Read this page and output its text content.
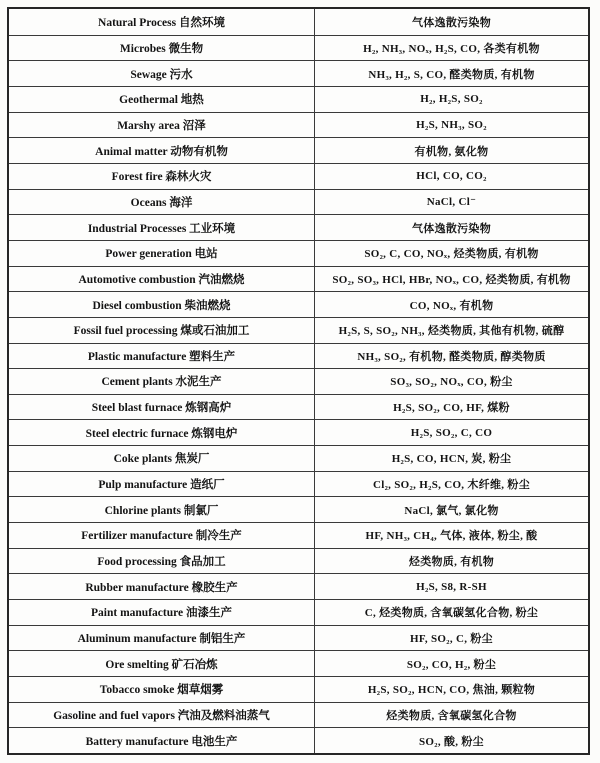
Natural Process 自然环境	气体逸散污染物
Microbes 微生物	H₂, NH₃, NOₓ, H₂S, CO, 各类有机物
Sewage 污水	NH₃, H₂, S, CO, 醛类物质, 有机物
Geothermal 地热	H₂, H₂S, SO₂
Marshy area 沼泽	H₂S, NH₃, SO₂
Animal matter 动物有机物	有机物, 氨化物
Forest fire 森林火灾	HCl, CO, CO₂
Oceans 海洋	NaCl, Cl⁻
Industrial Processes 工业环境	气体逸散污染物
Power generation 电站	SO₂, C, CO, NOₓ, 烃类物质, 有机物
Automotive combustion 汽油燃烧	SO₂, SO₃, HCl, HBr, NOₓ, CO, 烃类物质, 有机物
Diesel combustion 柴油燃烧	CO, NOₓ, 有机物
Fossil fuel processing 煤或石油加工	H₂S, S, SO₂, NH₃, 烃类物质, 其他有机物, 硫醇
Plastic manufacture 塑料生产	NH₃, SO₂, 有机物, 醛类物质, 醇类物质
Cement plants 水泥生产	SO₃, SO₂, NOₓ, CO, 粉尘
Steel blast furnace 炼钢高炉	H₂S, SO₂, CO, HF, 煤粉
Steel electric furnace 炼钢电炉	H₂S, SO₂, C, CO
Coke plants 焦炭厂	H₂S, CO, HCN, 炭, 粉尘
Pulp manufacture 造纸厂	Cl₂, SO₂, H₂S, CO, 木纤维, 粉尘
Chlorine plants 制氯厂	NaCl, 氯气, 氯化物
Fertilizer manufacture 制冷生产	HF, NH₃, CH₄, 气体, 液体, 粉尘, 酸
Food processing 食品加工	烃类物质, 有机物
Rubber manufacture 橡胶生产	H₂S, S8, R-SH
Paint manufacture 油漆生产	C, 烃类物质, 含氧碳氢化合物, 粉尘
Aluminum manufacture 制铝生产	HF, SO₂, C, 粉尘
Ore smelting 矿石冶炼	SO₂, CO, H₂, 粉尘
Tobacco smoke 烟草烟雾	H₂S, SO₂, HCN, CO, 焦油, 颗粒物
Gasoline and fuel vapors 汽油及燃料油蒸气	烃类物质, 含氧碳氢化合物
Battery manufacture 电池生产	SO₂, 酸, 粉尘
